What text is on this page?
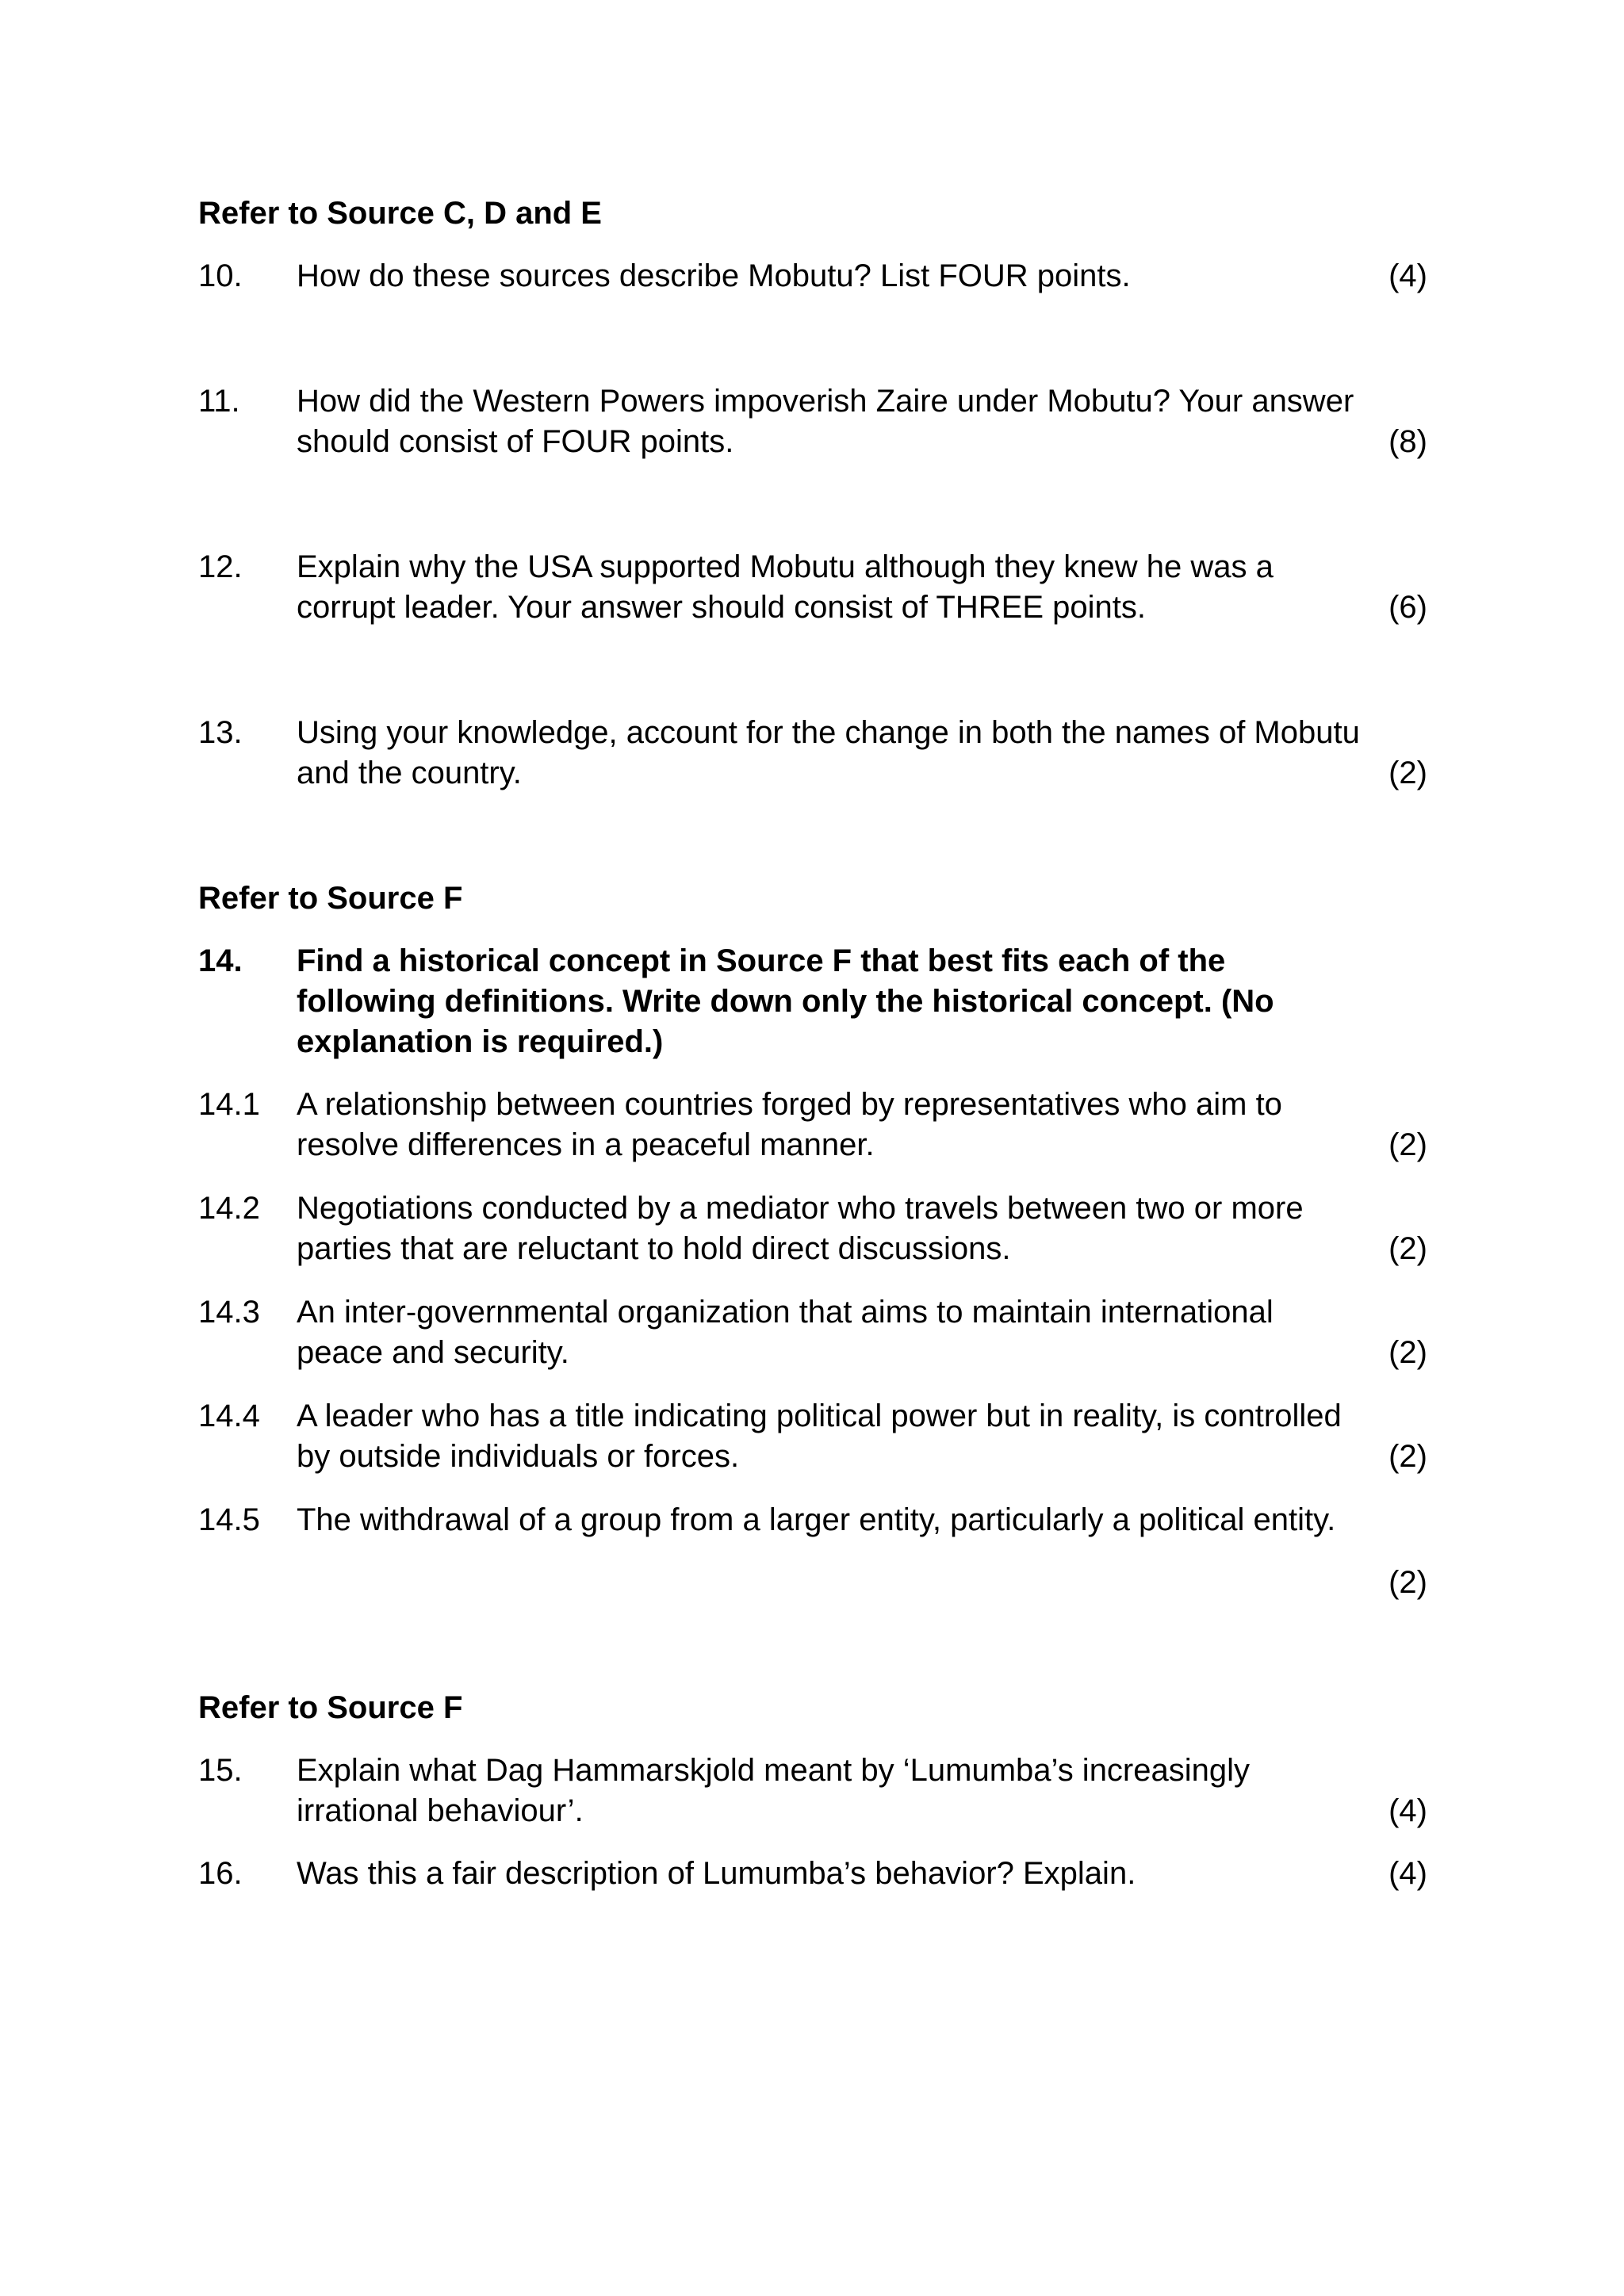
Refer to Source C, D and E
10.	How do these sources describe Mobutu? List FOUR points.	(4)
11.	How did the Western Powers impoverish Zaire under Mobutu? Your answer should consist of FOUR points.	(8)
12.	Explain why the USA supported Mobutu although they knew he was a corrupt leader. Your answer should consist of THREE points.	(6)
13.	Using your knowledge, account for the change in both the names of Mobutu and the country.	(2)
Refer to Source F
14.	Find a historical concept in Source F that best fits each of the following definitions. Write down only the historical concept. (No explanation is required.)
14.1	A relationship between countries forged by representatives who aim to resolve differences in a peaceful manner.	(2)
14.2	Negotiations conducted by a mediator who travels between two or more parties that are reluctant to hold direct discussions.	(2)
14.3	An inter-governmental organization that aims to maintain international peace and security.	(2)
14.4	A leader who has a title indicating political power but in reality, is controlled by outside individuals or forces.	(2)
14.5	The withdrawal of a group from a larger entity, particularly a political entity.
(2)
Refer to Source F
15.	Explain what Dag Hammarskjold meant by ‘Lumumba’s increasingly irrational behaviour’.	(4)
16.	Was this a fair description of Lumumba’s behavior? Explain.	(4)
